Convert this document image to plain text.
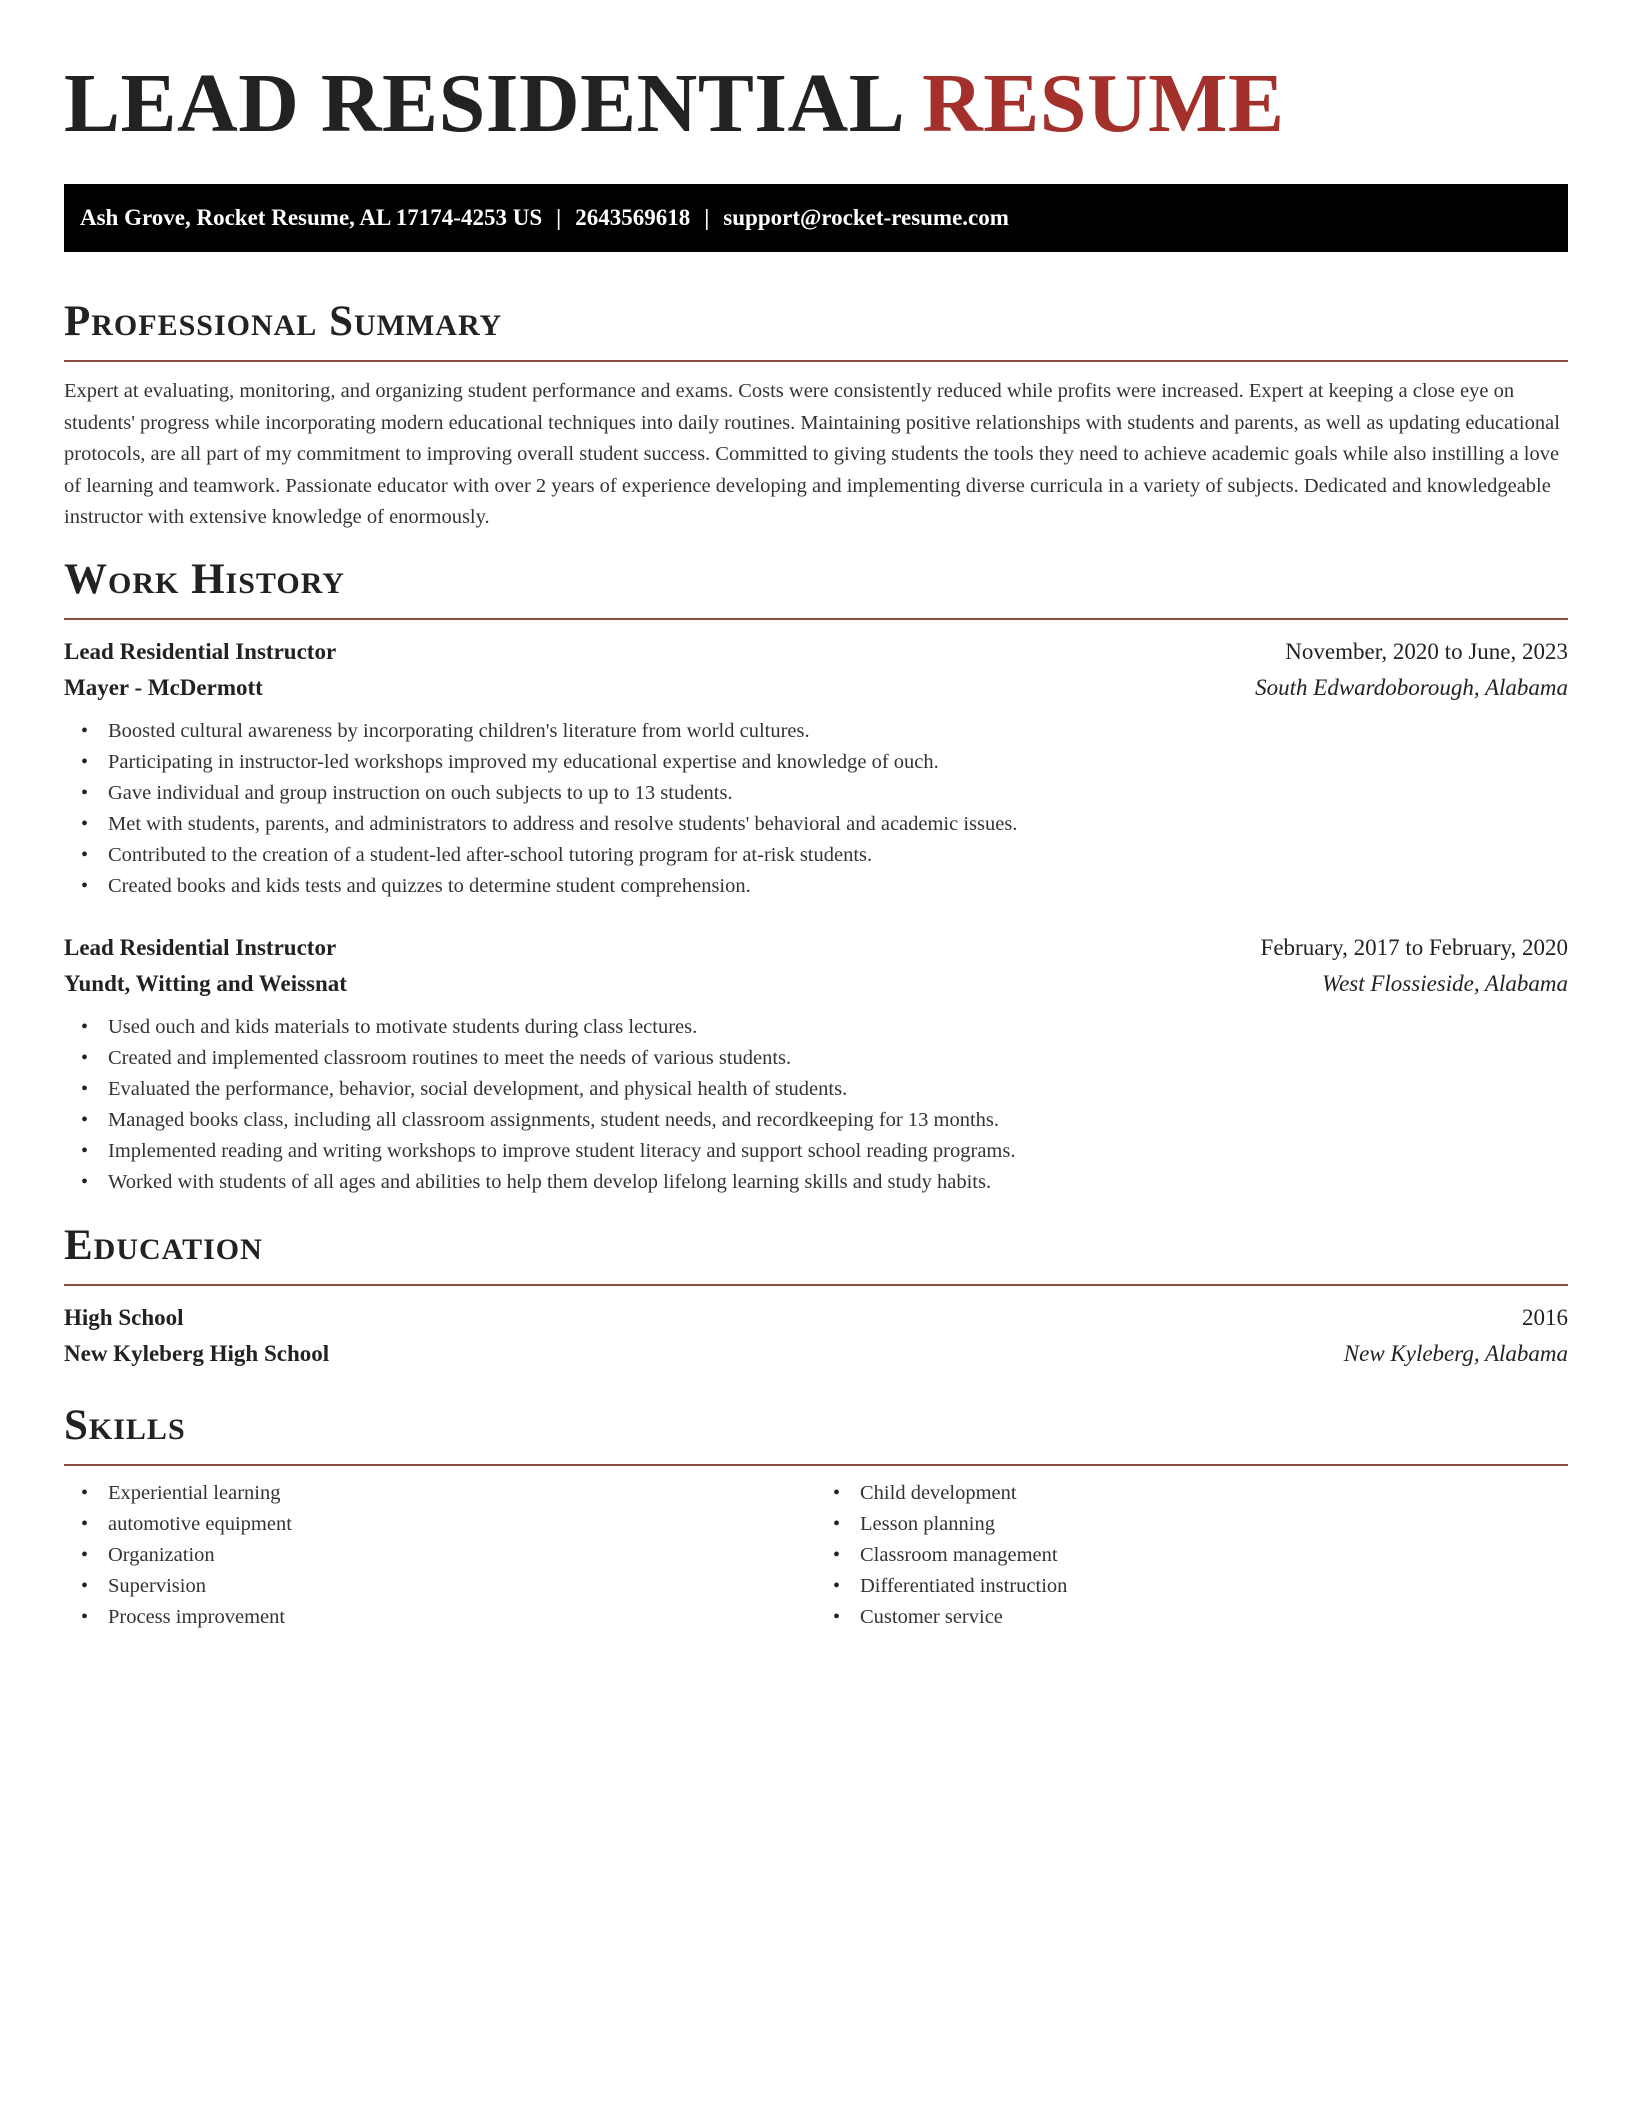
LEAD RESIDENTIAL RESUME
Ash Grove, Rocket Resume, AL 17174-4253 US | 2643569618 | support@rocket-resume.com
Professional Summary

Expert at evaluating, monitoring, and organizing student performance and exams. Costs were consistently reduced while profits were increased. Expert at keeping a close eye on students' progress while incorporating modern educational techniques into daily routines. Maintaining positive relationships with students and parents, as well as updating educational protocols, are all part of my commitment to improving overall student success. Committed to giving students the tools they need to achieve academic goals while also instilling a love of learning and teamwork. Passionate educator with over 2 years of experience developing and implementing diverse curricula in a variety of subjects. Dedicated and knowledgeable instructor with extensive knowledge of enormously.

Work History
Lead Residential Instructor	November, 2020 to June, 2023
Mayer - McDermott	South Edwardoborough, Alabama
• Boosted cultural awareness by incorporating children's literature from world cultures.
• Participating in instructor-led workshops improved my educational expertise and knowledge of ouch.
• Gave individual and group instruction on ouch subjects to up to 13 students.
• Met with students, parents, and administrators to address and resolve students' behavioral and academic issues.
• Contributed to the creation of a student-led after-school tutoring program for at-risk students.
• Created books and kids tests and quizzes to determine student comprehension.
Lead Residential Instructor	February, 2017 to February, 2020
Yundt, Witting and Weissnat	West Flossieside, Alabama
• Used ouch and kids materials to motivate students during class lectures.
• Created and implemented classroom routines to meet the needs of various students.
• Evaluated the performance, behavior, social development, and physical health of students.
• Managed books class, including all classroom assignments, student needs, and recordkeeping for 13 months.
• Implemented reading and writing workshops to improve student literacy and support school reading programs.
• Worked with students of all ages and abilities to help them develop lifelong learning skills and study habits.
Education
High School	2016
New Kyleberg High School	New Kyleberg, Alabama
Skills
• Experiential learning
• automotive equipment
• Organization
• Supervision
• Process improvement
• Child development
• Lesson planning
• Classroom management
• Differentiated instruction
• Customer service
